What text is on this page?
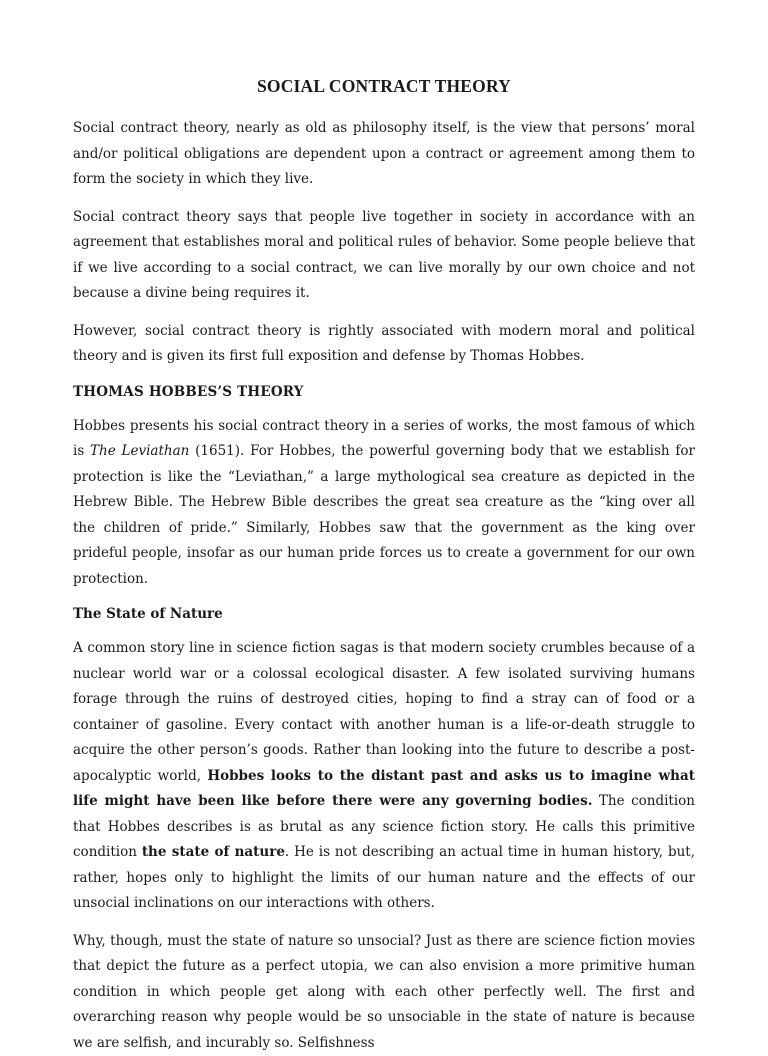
SOCIAL CONTRACT THEORY

Social contract theory, nearly as old as philosophy itself, is the view that persons’ moral and/or political obligations are dependent upon a contract or agreement among them to form the society in which they live.

Social contract theory says that people live together in society in accordance with an agreement that establishes moral and political rules of behavior. Some people believe that if we live according to a social contract, we can live morally by our own choice and not because a divine being requires it.

However, social contract theory is rightly associated with modern moral and political theory and is given its first full exposition and defense by Thomas Hobbes.

THOMAS HOBBES’S THEORY

Hobbes presents his social contract theory in a series of works, the most famous of which is The Leviathan (1651). For Hobbes, the powerful governing body that we establish for protection is like the “Leviathan,” a large mythological sea creature as depicted in the Hebrew Bible. The Hebrew Bible describes the great sea creature as the “king over all the children of pride.” Similarly, Hobbes saw that the government as the king over prideful people, insofar as our human pride forces us to create a government for our own protection.

The State of Nature

A common story line in science fiction sagas is that modern society crumbles because of a nuclear world war or a colossal ecological disaster. A few isolated surviving humans forage through the ruins of destroyed cities, hoping to find a stray can of food or a container of gasoline. Every contact with another human is a life-or-death struggle to acquire the other person’s goods. Rather than looking into the future to describe a post-apocalyptic world, Hobbes looks to the distant past and asks us to imagine what life might have been like before there were any governing bodies. The condition that Hobbes describes is as brutal as any science fiction story. He calls this primitive condition the state of nature. He is not describing an actual time in human history, but, rather, hopes only to highlight the limits of our human nature and the effects of our unsocial inclinations on our interactions with others.

Why, though, must the state of nature so unsocial? Just as there are science fiction movies that depict the future as a perfect utopia, we can also envision a more primitive human condition in which people get along with each other perfectly well. The first and overarching reason why people would be so unsociable in the state of nature is because we are selfish, and incurably so. Selfishness
